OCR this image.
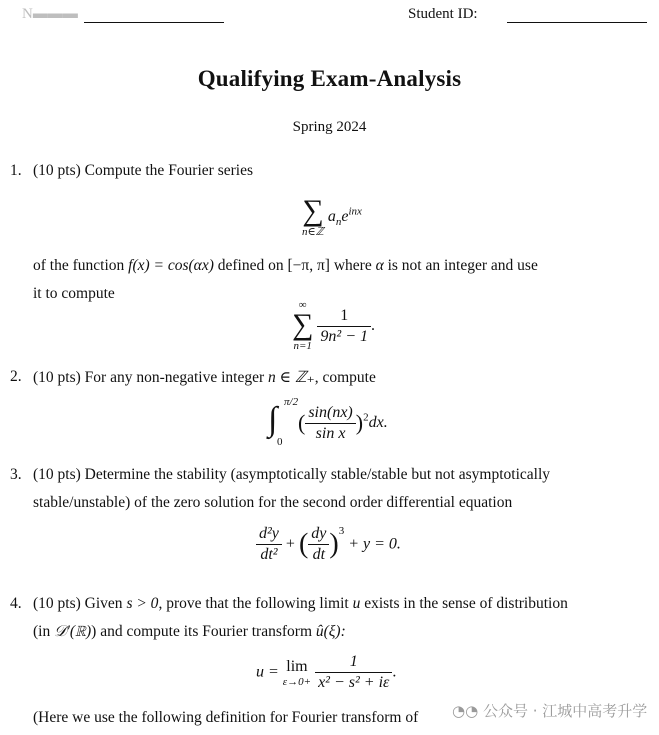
N▬▬▬	Student ID:
Qualifying Exam-Analysis
Spring 2024
1. (10 pts) Compute the Fourier series
∑
n∈ℤ
$a_ne^{inx}$
of the function f(x) = cos(αx) defined on [−π, π] where α is not an integer and use
it to compute
∞
∑
n=1
$\frac{1}{\text{9n² − 1}}$ .
2. (10 pts) For any non-negative integer n ∈ ℤ₊, compute
∫ π/2
0
( $\frac{\sin(nx)}{\text{sin x}} )^2dx$.
3. (10 pts) Determine the stability (asymptotically stable/stable but not asymptotically
stable/unstable) of the zero solution for the second order differential equation
$\frac{\text{d²y}}{\text{dt²}}$ + ( $\frac{dy}{dt} )^3 + y = 0$.
4. (10 pts) Given s > 0, prove that the following limit u exists in the sense of distribution
(in 𝒟′(ℝ)) and compute its Fourier transform û(ξ):
u = lim
ε→0+
$\frac{1}{\text{x² − s² + iε}}$ .
(Here we use the following definition for Fourier transform of ◔◔ 公众号 · 江城中高考升学
